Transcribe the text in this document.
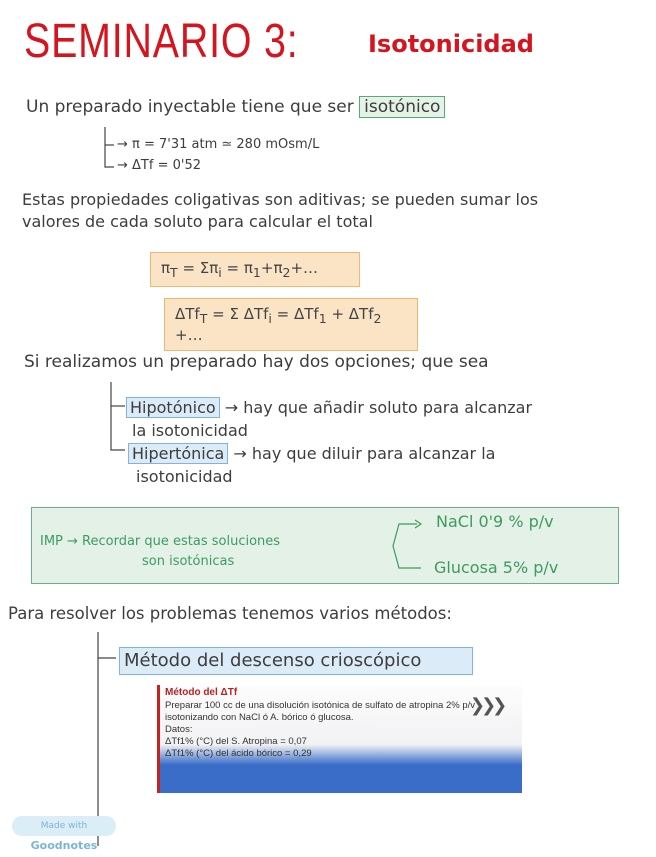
SEMINARIO 3:	Isotonicidad
Un preparado inyectable tiene que ser isotónico
→ π = 7'31 atm ≃ 280 mOsm/L
→ ΔTf = 0'52
Estas propiedades coligativas son aditivas; se pueden sumar los
valores de cada soluto para calcular el total
$\pi_T = \Sigma\pi_i$ = $\pi_1+\pi_2+\dots$
ΔTf$_T$ = Σ ΔTf$_i$ = ΔTf$_1$ + ΔTf$_2$ +…
Si realizamos un preparado hay dos opciones; que sea
Hipotónico → hay que añadir soluto para alcanzar
la isotonicidad
Hipertónica → hay que diluir para alcanzar la
isotonicidad
IMP → Recordar que estas soluciones
son isotónicas
NaCl 0'9 % p/v
Glucosa 5% p/v
Para resolver los problemas tenemos varios métodos:
Método del descenso crioscópico
Método del ΔTf
Preparar 100 cc de una disolución isotónica de sulfato de atropina 2% p/v
isotonizando con NaCl ó A. bórico ó glucosa.
Datos:
ΔTf1% (°C) del S. Atropina = 0,07
ΔTf1% (°C) del ácido bórico = 0,29
❯❯❯
Made with Goodnotes
